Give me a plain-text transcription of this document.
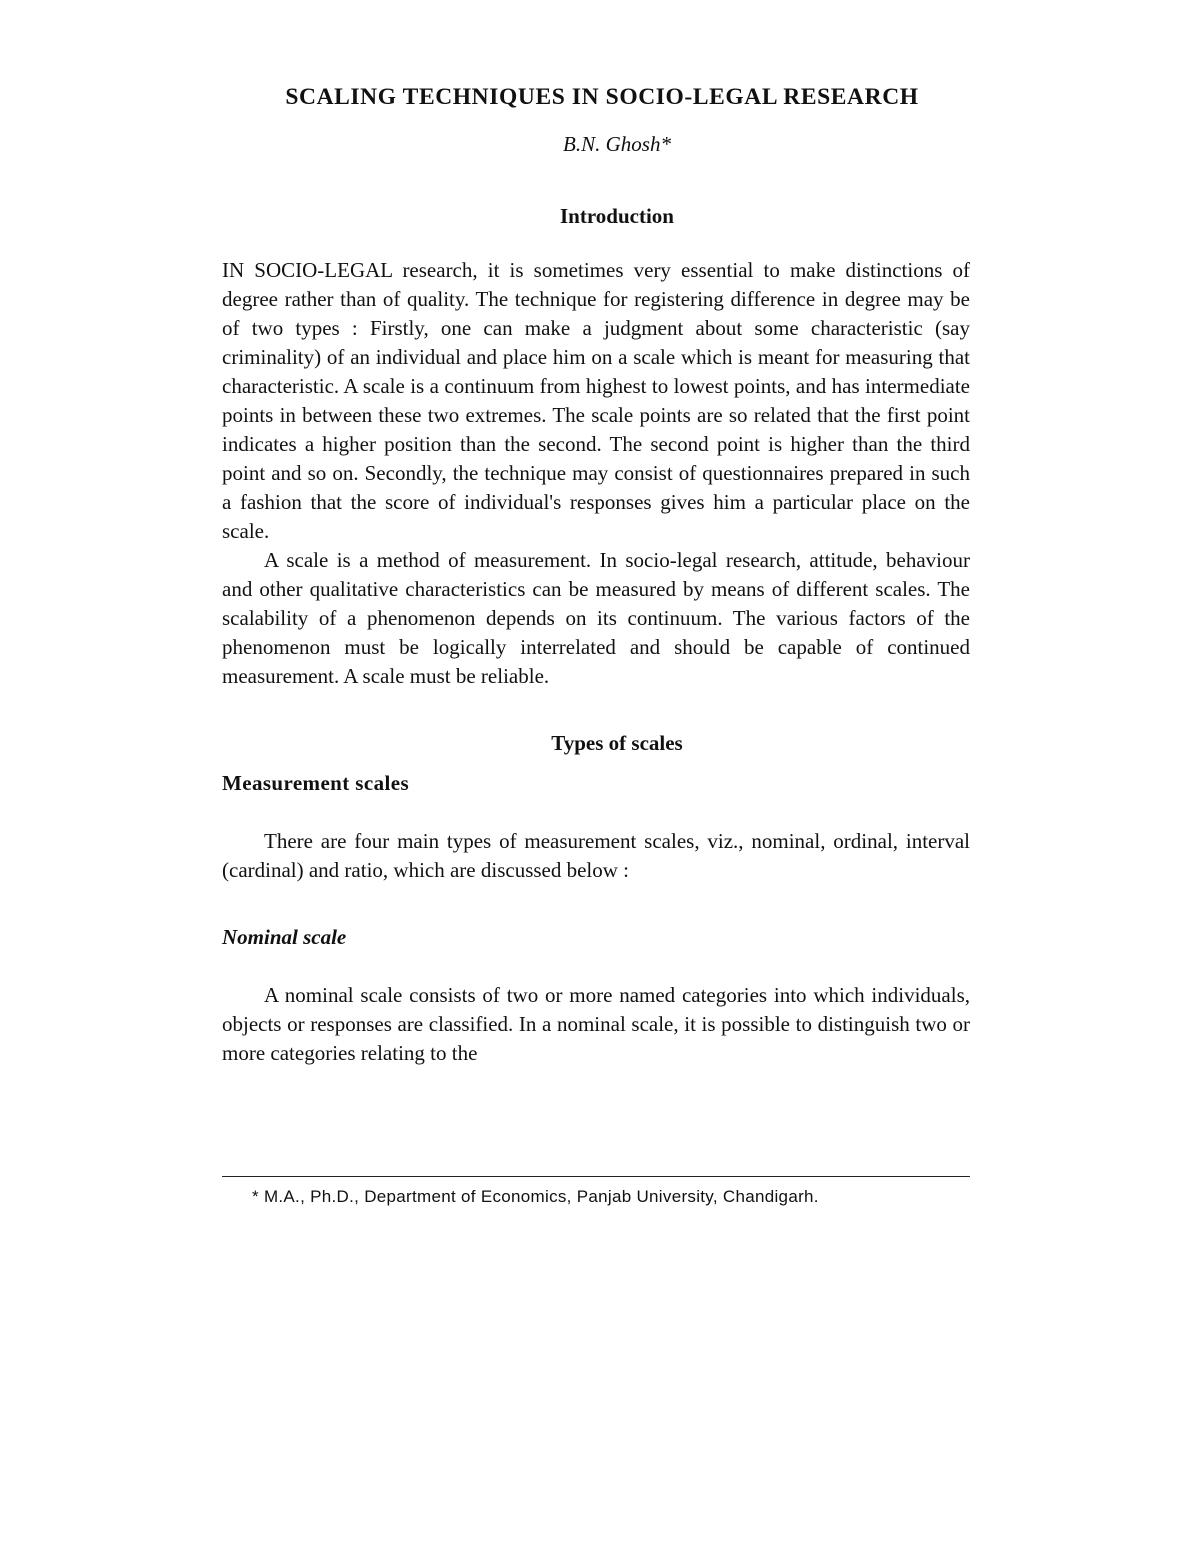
SCALING TECHNIQUES IN SOCIO-LEGAL RESEARCH
B.N. Ghosh*
Introduction

IN SOCIO-LEGAL research, it is sometimes very essential to make distinctions of degree rather than of quality. The technique for registering difference in degree may be of two types : Firstly, one can make a judgment about some characteristic (say criminality) of an individual and place him on a scale which is meant for measuring that characteristic. A scale is a continuum from highest to lowest points, and has intermediate points in between these two extremes. The scale points are so related that the first point indicates a higher position than the second. The second point is higher than the third point and so on. Secondly, the technique may consist of questionnaires prepared in such a fashion that the score of individual's responses gives him a particular place on the scale.

A scale is a method of measurement. In socio-legal research, attitude, behaviour and other qualitative characteristics can be measured by means of different scales. The scalability of a phenomenon depends on its continuum. The various factors of the phenomenon must be logically interrelated and should be capable of continued measurement. A scale must be reliable.

Types of scales
Measurement scales

There are four main types of measurement scales, viz., nominal, ordinal, interval (cardinal) and ratio, which are discussed below :

Nominal scale

A nominal scale consists of two or more named categories into which individuals, objects or responses are classified. In a nominal scale, it is possible to distinguish two or more categories relating to the

* M.A., Ph.D., Department of Economics, Panjab University, Chandigarh.
